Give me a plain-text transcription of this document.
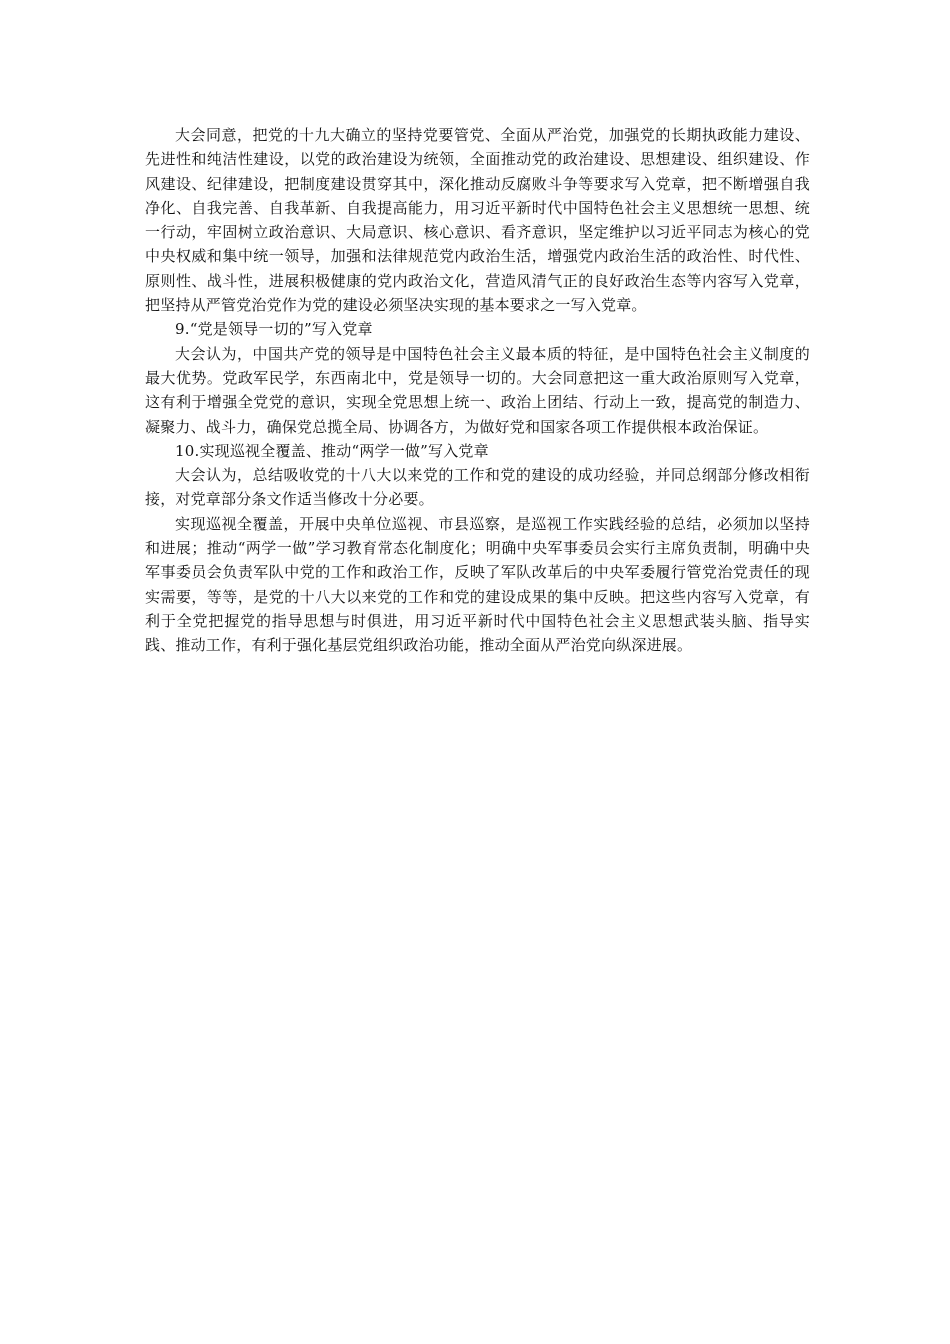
大会同意，把党的十九大确立的坚持党要管党、全面从严治党，加强党的长期执政能力建设、先进性和纯洁性建设，以党的政治建设为统领，全面推动党的政治建设、思想建设、组织建设、作风建设、纪律建设，把制度建设贯穿其中，深化推动反腐败斗争等要求写入党章，把不断增强自我净化、自我完善、自我革新、自我提高能力，用习近平新时代中国特色社会主义思想统一思想、统一行动，牢固树立政治意识、大局意识、核心意识、看齐意识，坚定维护以习近平同志为核心的党中央权威和集中统一领导，加强和法律规范党内政治生活，增强党内政治生活的政治性、时代性、原则性、战斗性，进展积极健康的党内政治文化，营造风清气正的良好政治生态等内容写入党章，把坚持从严管党治党作为党的建设必须坚决实现的基本要求之一写入党章。

9.“党是领导一切的”写入党章

大会认为，中国共产党的领导是中国特色社会主义最本质的特征，是中国特色社会主义制度的最大优势。党政军民学，东西南北中，党是领导一切的。大会同意把这一重大政治原则写入党章，这有利于增强全党党的意识，实现全党思想上统一、政治上团结、行动上一致，提高党的制造力、凝聚力、战斗力，确保党总揽全局、协调各方，为做好党和国家各项工作提供根本政治保证。

10.实现巡视全覆盖、推动“两学一做”写入党章

大会认为，总结吸收党的十八大以来党的工作和党的建设的成功经验，并同总纲部分修改相衔接，对党章部分条文作适当修改十分必要。

实现巡视全覆盖，开展中央单位巡视、市县巡察，是巡视工作实践经验的总结，必须加以坚持和进展；推动“两学一做”学习教育常态化制度化；明确中央军事委员会实行主席负责制，明确中央军事委员会负责军队中党的工作和政治工作，反映了军队改革后的中央军委履行管党治党责任的现实需要，等等，是党的十八大以来党的工作和党的建设成果的集中反映。把这些内容写入党章，有利于全党把握党的指导思想与时俱进，用习近平新时代中国特色社会主义思想武装头脑、指导实践、推动工作，有利于强化基层党组织政治功能，推动全面从严治党向纵深进展。
